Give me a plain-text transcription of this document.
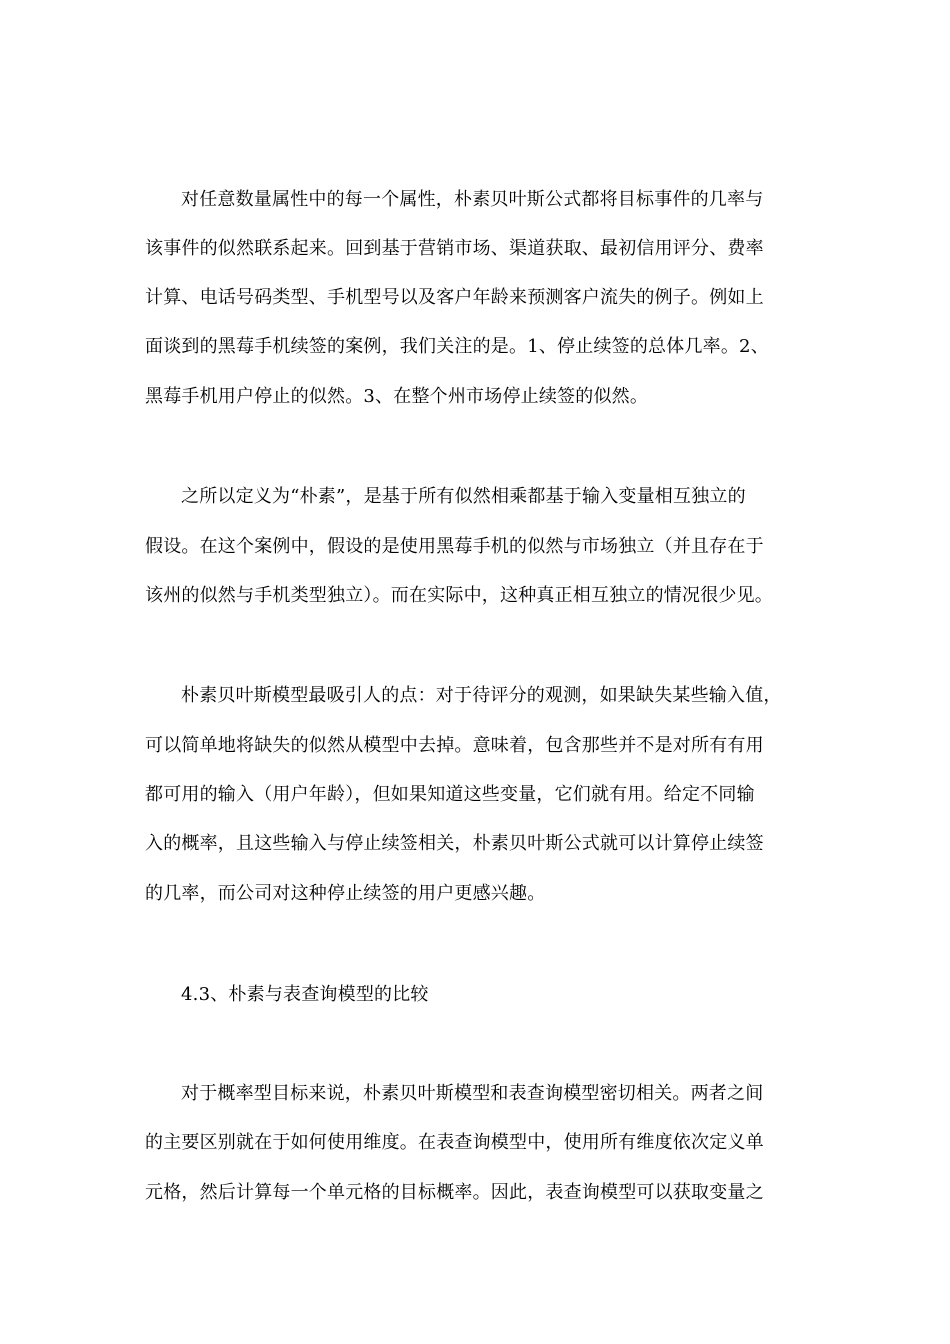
对任意数量属性中的每一个属性，朴素贝叶斯公式都将目标事件的几率与
该事件的似然联系起来。回到基于营销市场、渠道获取、最初信用评分、费率
计算、电话号码类型、手机型号以及客户年龄来预测客户流失的例子。例如上
面谈到的黑莓手机续签的案例，我们关注的是。1、停止续签的总体几率。2、
黑莓手机用户停止的似然。3、在整个州市场停止续签的似然。
之所以定义为“朴素”，是基于所有似然相乘都基于输入变量相互独立的
假设。在这个案例中，假设的是使用黑莓手机的似然与市场独立（并且存在于
该州的似然与手机类型独立）。而在实际中，这种真正相互独立的情况很少见。
朴素贝叶斯模型最吸引人的点：对于待评分的观测，如果缺失某些输入值，
可以简单地将缺失的似然从模型中去掉。意味着，包含那些并不是对所有有用
都可用的输入（用户年龄），但如果知道这些变量，它们就有用。给定不同输
入的概率，且这些输入与停止续签相关，朴素贝叶斯公式就可以计算停止续签
的几率，而公司对这种停止续签的用户更感兴趣。
4.3、朴素与表查询模型的比较
对于概率型目标来说，朴素贝叶斯模型和表查询模型密切相关。两者之间
的主要区别就在于如何使用维度。在表查询模型中，使用所有维度依次定义单
元格，然后计算每一个单元格的目标概率。因此，表查询模型可以获取变量之
